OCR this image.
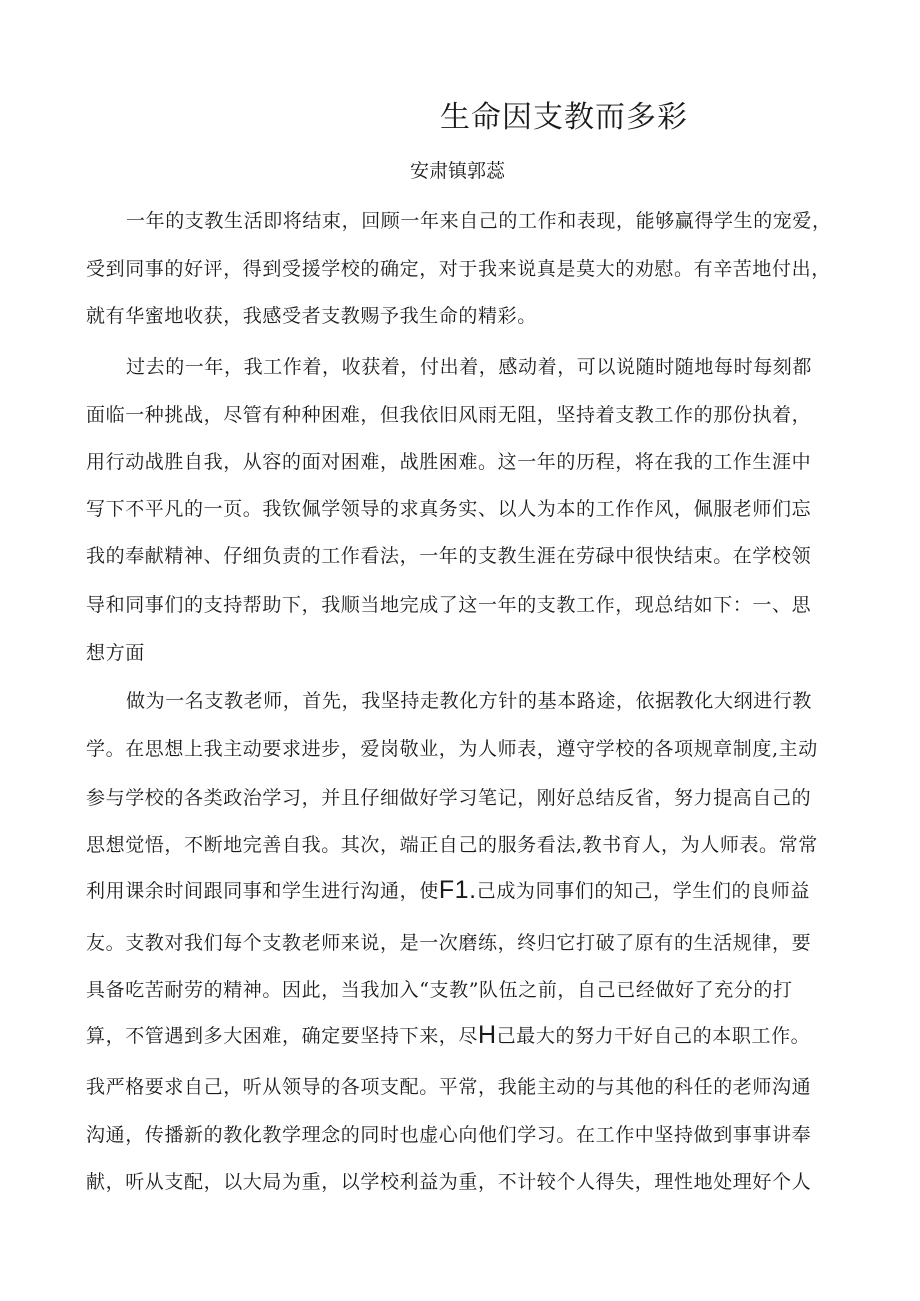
生命因支教而多彩

安肃镇郭蕊

一年的支教生活即将结束，回顾一年来自己的工作和表现，能够赢得学生的宠爱，

受到同事的好评，得到受援学校的确定，对于我来说真是莫大的劝慰。有辛苦地付出，

就有华蜜地收获，我感受者支教赐予我生命的精彩。

过去的一年，我工作着，收获着，付出着，感动着，可以说随时随地每时每刻都

面临一种挑战，尽管有种种困难，但我依旧风雨无阻，坚持着支教工作的那份执着，

用行动战胜自我，从容的面对困难，战胜困难。这一年的历程，将在我的工作生涯中

写下不平凡的一页。我钦佩学领导的求真务实、以人为本的工作作风，佩服老师们忘

我的奉献精神、仔细负责的工作看法，一年的支教生涯在劳碌中很快结束。在学校领

导和同事们的支持帮助下，我顺当地完成了这一年的支教工作，现总结如下：一、思

想方面

做为一名支教老师，首先，我坚持走教化方针的基本路途，依据教化大纲进行教

学。在思想上我主动要求进步，爱岗敬业，为人师表，遵守学校的各项规章制度,主动

参与学校的各类政治学习，并且仔细做好学习笔记，刚好总结反省，努力提高自己的

思想觉悟，不断地完善自我。其次，端正自己的服务看法,教书育人，为人师表。常常

利用课余时间跟同事和学生进行沟通，使F1.己成为同事们的知己，学生们的良师益

友。支教对我们每个支教老师来说，是一次磨练，终归它打破了原有的生活规律，要

具备吃苦耐劳的精神。因此，当我加入“支教”队伍之前，自己已经做好了充分的打

算，不管遇到多大困难，确定要坚持下来，尽H己最大的努力干好自己的本职工作。

我严格要求自己，听从领导的各项支配。平常，我能主动的与其他的科任的老师沟通

沟通，传播新的教化教学理念的同时也虚心向他们学习。在工作中坚持做到事事讲奉

献，听从支配，以大局为重，以学校利益为重，不计较个人得失，理性地处理好个人
